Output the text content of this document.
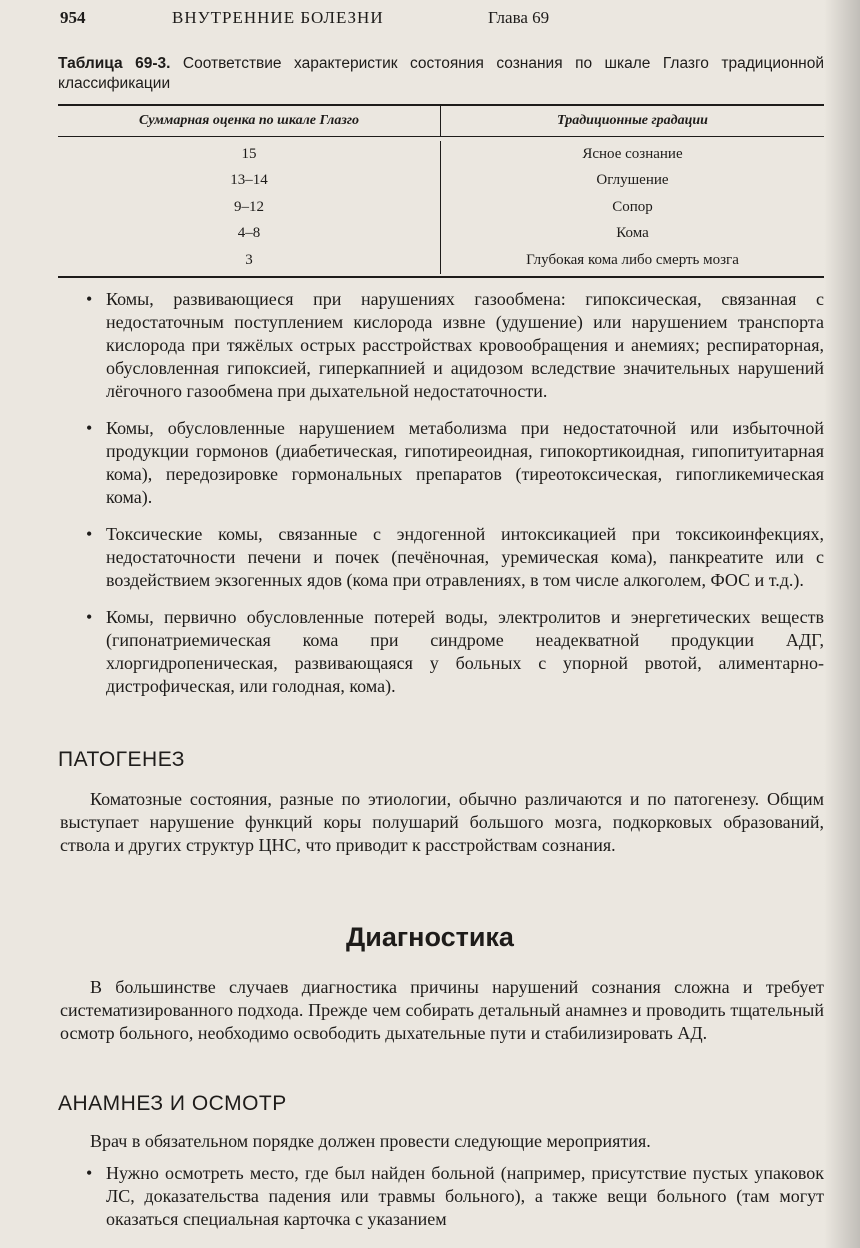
954	ВНУТРЕННИЕ БОЛЕЗНИ	Глава 69
Таблица 69-3. Соответствие характеристик состояния сознания по шкале Глазго традиционной классификации
Суммарная оценка по шкале Глазго	Традиционные градации
15	Ясное сознание
13–14	Оглушение
9–12	Сопор
4–8	Кома
3	Глубокая кома либо смерть мозга
• Комы, развивающиеся при нарушениях газообмена: гипоксическая, связанная с недостаточным поступлением кислорода извне (удушение) или нарушением транспорта кислорода при тяжёлых острых расстройствах кровообращения и анемиях; респираторная, обусловленная гипоксией, гиперкапнией и ацидозом вследствие значительных нарушений лёгочного газообмена при дыхательной недостаточности.
• Комы, обусловленные нарушением метаболизма при недостаточной или избыточной продукции гормонов (диабетическая, гипотиреоидная, гипокортикоидная, гипопитуитарная кома), передозировке гормональных препаратов (тиреотоксическая, гипогликемическая кома).
• Токсические комы, связанные с эндогенной интоксикацией при токсикоинфекциях, недостаточности печени и почек (печёночная, уремическая кома), панкреатите или с воздействием экзогенных ядов (кома при отравлениях, в том числе алкоголем, ФОС и т.д.).
• Комы, первично обусловленные потерей воды, электролитов и энергетических веществ (гипонатриемическая кома при синдроме неадекватной продукции АДГ, хлоргидропеническая, развивающаяся у больных с упорной рвотой, алиментарно-дистрофическая, или голодная, кома).
ПАТОГЕНЕЗ
Коматозные состояния, разные по этиологии, обычно различаются и по патогенезу. Общим выступает нарушение функций коры полушарий большого мозга, подкорковых образований, ствола и других структур ЦНС, что приводит к расстройствам сознания.
Диагностика
В большинстве случаев диагностика причины нарушений сознания сложна и требует систематизированного подхода. Прежде чем собирать детальный анамнез и проводить тщательный осмотр больного, необходимо освободить дыхательные пути и стабилизировать АД.
АНАМНЕЗ И ОСМОТР
Врач в обязательном порядке должен провести следующие мероприятия.
• Нужно осмотреть место, где был найден больной (например, присутствие пустых упаковок ЛС, доказательства падения или травмы больного), а также вещи больного (там могут оказаться специальная карточка с указанием
